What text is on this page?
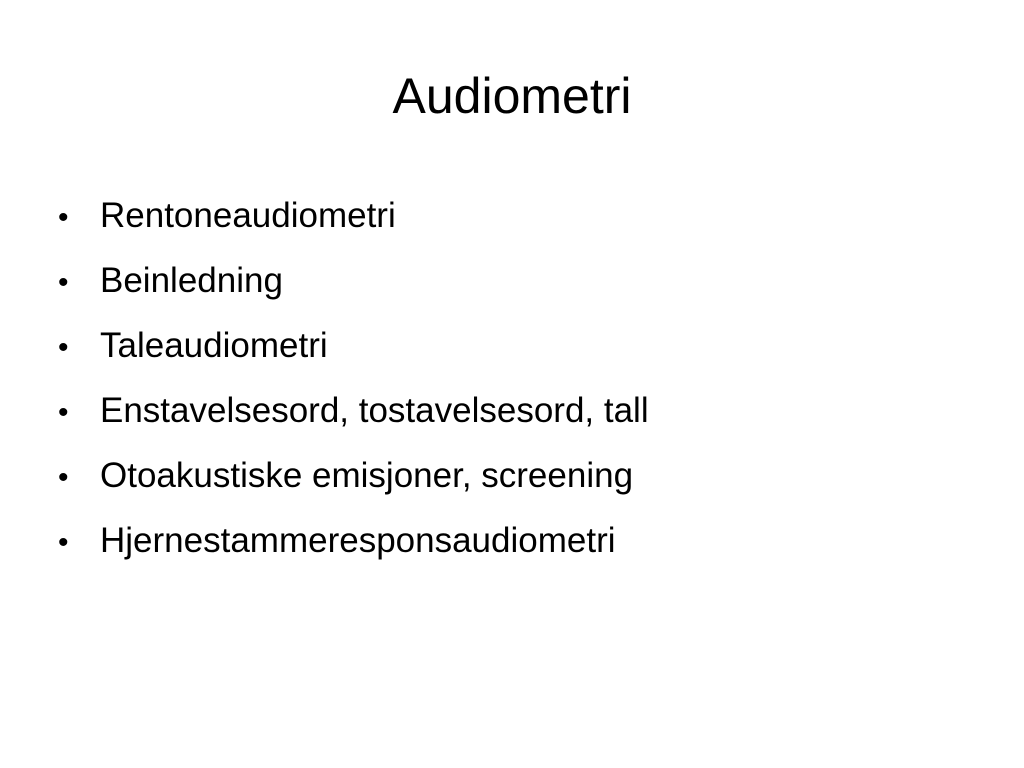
Audiometri
• Rentoneaudiometri
• Beinledning
• Taleaudiometri
• Enstavelsesord, tostavelsesord, tall
• Otoakustiske emisjoner, screening
• Hjernestammeresponsaudiometri
